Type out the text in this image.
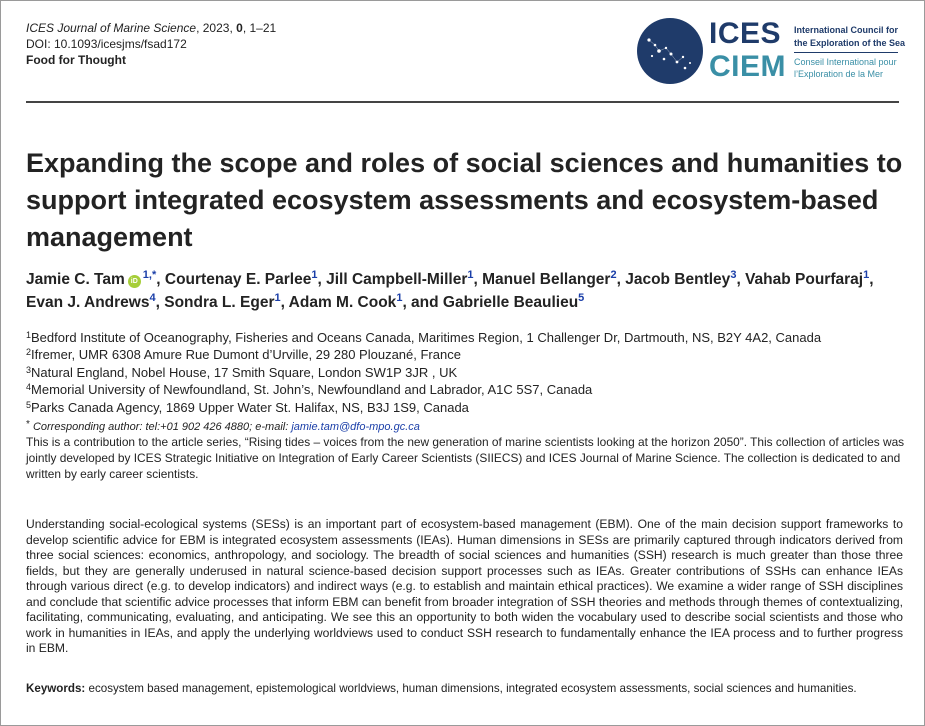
ICES Journal of Marine Science, 2023, 0, 1–21
DOI: 10.1093/icesjms/fsad172
Food for Thought
ICES
CIEM
International Council for
the Exploration of the Sea
Conseil International pour
l’Exploration de la Mer
Expanding the scope and roles of social sciences and humanities to support integrated ecosystem assessments and ecosystem-based management
Jamie C. Tam $iD^{1,*}$, Courtenay E. Parlee$^1$, Jill Campbell-Miller$^1$, Manuel Bellanger$^2$, Jacob Bentley$^3$, Vahab Pourfaraj$^1$, Evan J. Andrews$^4$, Sondra L. Eger$^1$, Adam M. Cook$^1$, and Gabrielle Beaulieu$^5$
$^1$Bedford Institute of Oceanography, Fisheries and Oceans Canada, Maritimes Region, 1 Challenger Dr, Dartmouth, NS, B2Y 4A2, Canada
$^2$Ifremer, UMR 6308 Amure Rue Dumont d’Urville, 29 280 Plouzané, France
$^3$Natural England, Nobel House, 17 Smith Square, London SW1P 3JR , UK
$^4$Memorial University of Newfoundland, St. John’s, Newfoundland and Labrador, A1C 5S7, Canada
$^5$Parks Canada Agency, 1869 Upper Water St. Halifax, NS, B3J 1S9, Canada
* Corresponding author: tel:+01 902 426 4880; e-mail: jamie.tam@dfo-mpo.gc.ca
This is a contribution to the article series, “Rising tides – voices from the new generation of marine scientists looking at the horizon 2050”. This collection of articles was jointly developed by ICES Strategic Initiative on Integration of Early Career Scientists (SIIECS) and ICES Journal of Marine Science. The collection is dedicated to and written by early career scientists.

Understanding social-ecological systems (SESs) is an important part of ecosystem-based management (EBM). One of the main decision support frameworks to develop scientific advice for EBM is integrated ecosystem assessments (IEAs). Human dimensions in SESs are primarily captured through indicators derived from three social sciences: economics, anthropology, and sociology. The breadth of social sciences and humanities (SSH) research is much greater than those three fields, but they are generally underused in natural science-based decision support processes such as IEAs. Greater contributions of SSHs can enhance IEAs through various direct (e.g. to develop indicators) and indirect ways (e.g. to establish and maintain ethical practices). We examine a wider range of SSH disciplines and conclude that scientific advice processes that inform EBM can benefit from broader integration of SSH theories and methods through themes of contextualizing, facilitating, communicating, evaluating, and anticipating. We see this an opportunity to both widen the vocabulary used to describe social scientists and those who work in humanities in IEAs, and apply the underlying worldviews used to conduct SSH research to fundamentally enhance the IEA process and to further progress in EBM.

Keywords: ecosystem based management, epistemological worldviews, human dimensions, integrated ecosystem assessments, social sciences and humanities.
